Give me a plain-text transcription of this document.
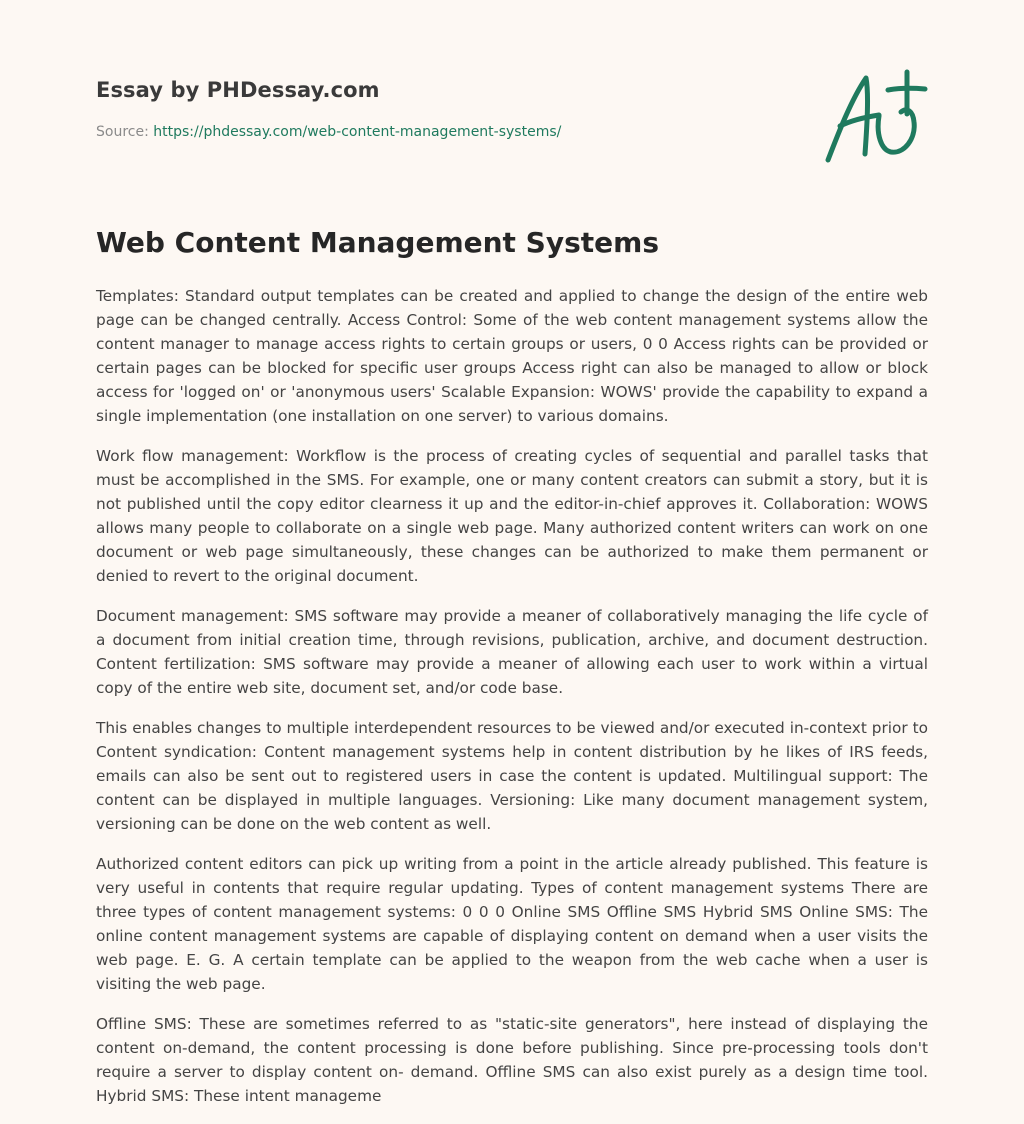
Essay by PHDessay.com
Source: https://phdessay.com/web-content-management-systems/
Web Content Management Systems

Templates: Standard output templates can be created and applied to change the design of the entire web page can be changed centrally. Access Control: Some of the web content management systems allow the content manager to manage access rights to certain groups or users, 0 0 Access rights can be provided or certain pages can be blocked for specific user groups Access right can also be managed to allow or block access for 'logged on' or 'anonymous users' Scalable Expansion: WOWS' provide the capability to expand a single implementation (one installation on one server) to various domains.

Work flow management: Workflow is the process of creating cycles of sequential and parallel tasks that must be accomplished in the SMS. For example, one or many content creators can submit a story, but it is not published until the copy editor clearness it up and the editor-in-chief approves it. Collaboration: WOWS allows many people to collaborate on a single web page. Many authorized content writers can work on one document or web page simultaneously, these changes can be authorized to make them permanent or denied to revert to the original document.

Document management: SMS software may provide a meaner of collaboratively managing the life cycle of a document from initial creation time, through revisions, publication, archive, and document destruction. Content fertilization: SMS software may provide a meaner of allowing each user to work within a virtual copy of the entire web site, document set, and/or code base.

This enables changes to multiple interdependent resources to be viewed and/or executed in-context prior to Content syndication: Content management systems help in content distribution by he likes of IRS feeds, emails can also be sent out to registered users in case the content is updated. Multilingual support: The content can be displayed in multiple languages. Versioning: Like many document management system, versioning can be done on the web content as well.

Authorized content editors can pick up writing from a point in the article already published. This feature is very useful in contents that require regular updating. Types of content management systems There are three types of content management systems: 0 0 0 Online SMS Offline SMS Hybrid SMS Online SMS: The online content management systems are capable of displaying content on demand when a user visits the web page. E. G. A certain template can be applied to the weapon from the web cache when a user is visiting the web page.

Offline SMS: These are sometimes referred to as "static-site generators", here instead of displaying the content on-demand, the content processing is done before publishing. Since pre-processing tools don't require a server to display content on- demand. Offline SMS can also exist purely as a design time tool. Hybrid SMS: These intent manageme
